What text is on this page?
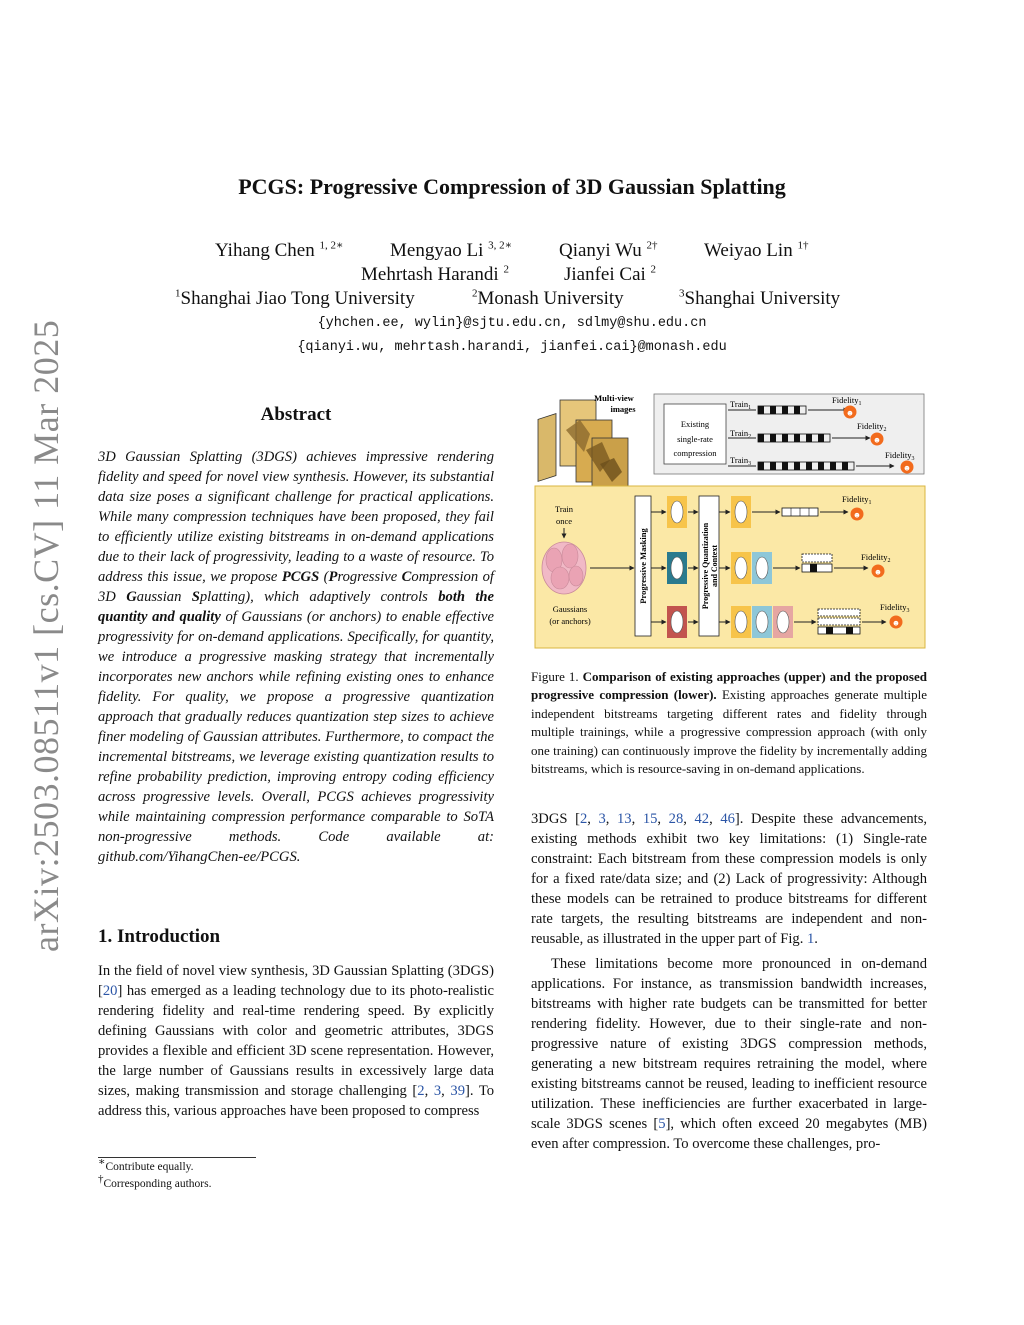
arXiv:2503.08511v1 [cs.CV] 11 Mar 2025
PCGS: Progressive Compression of 3D Gaussian Splatting
Yihang Chen $^{1, 2∗}$ Mengyao Li $^{3, 2∗}$ Qianyi Wu $^{2\dagger}$ Weiyao Lin $^{1\dagger}$
Mehrtash Harandi $^2$	Jianfei Cai $^2$
$^1$Shanghai Jiao Tong University	$^2$Monash University	$^3$Shanghai University
{yhchen.ee, wylin}@sjtu.edu.cn, sdlmy@shu.edu.cn
{qianyi.wu, mehrtash.harandi, jianfei.cai}@monash.edu
Abstract
3D Gaussian Splatting (3DGS) achieves impressive rendering fidelity and speed for novel view synthesis. However, its substantial data size poses a significant challenge for practical applications. While many compression techniques have been proposed, they fail to efficiently utilize existing bitstreams in on-demand applications due to their lack of progressivity, leading to a waste of resource. To address this issue, we propose PCGS (Progressive Compression of 3D Gaussian Splatting), which adaptively controls both the quantity and quality of Gaussians (or anchors) to enable effective progressivity for on-demand applications. Specifically, for quantity, we introduce a progressive masking strategy that incrementally incorporates new anchors while refining existing ones to enhance fidelity. For quality, we propose a progressive quantization approach that gradually reduces quantization step sizes to achieve finer modeling of Gaussian attributes. Furthermore, to compact the incremental bitstreams, we leverage existing quantization results to refine probability prediction, improving entropy coding efficiency across progressive levels. Overall, PCGS achieves progressivity while maintaining compression performance comparable to SoTA non-progressive methods. Code available at: github.com/YihangChen-ee/PCGS.
1. Introduction
In the field of novel view synthesis, 3D Gaussian Splatting (3DGS) [20] has emerged as a leading technology due to its photo-realistic rendering fidelity and real-time rendering speed. By explicitly defining Gaussians with color and geometric attributes, 3DGS provides a flexible and efficient 3D scene representation. However, the large number of Gaussians results in excessively large data sizes, making transmission and storage challenging [2, 3, 39]. To address this, various approaches have been proposed to compress
∗Contribute equally.
†Corresponding authors.
Multi-view
images
Existing
single-rate
compression
Train$_1$
Fidelity$_1$
☻
Train$_2$
Fidelity$_2$
☻
Train$_3$
Fidelity$_3$
☻
Train
once
Gaussians
(or anchors)
Progressive Masking	Progressive Quantization and Context
Fidelity$_1$
☻
Fidelity$_2$
☻
Fidelity$_3$
☻
Figure 1. Comparison of existing approaches (upper) and the proposed progressive compression (lower). Existing approaches generate multiple independent bitstreams targeting different rates and fidelity through multiple trainings, while a progressive compression approach (with only one training) can continuously improve the fidelity by incrementally adding bitstreams, which is resource-saving in on-demand applications.

3DGS [2, 3, 13, 15, 28, 42, 46]. Despite these advancements, existing methods exhibit two key limitations: (1) Single-rate constraint: Each bitstream from these compression models is only for a fixed rate/data size; and (2) Lack of progressivity: Although these models can be retrained to produce bitstreams for different rate targets, the resulting bitstreams are independent and non-reusable, as illustrated in the upper part of Fig. 1.

These limitations become more pronounced in on-demand applications. For instance, as transmission bandwidth increases, bitstreams with higher rate budgets can be transmitted for better rendering fidelity. However, due to their single-rate and non-progressive nature of existing 3DGS compression methods, generating a new bitstream requires retraining the model, where existing bitstreams cannot be reused, leading to inefficient resource utilization. These inefficiencies are further exacerbated in large-scale 3DGS scenes [5], which often exceed 20 megabytes (MB) even after compression. To overcome these challenges, pro-
